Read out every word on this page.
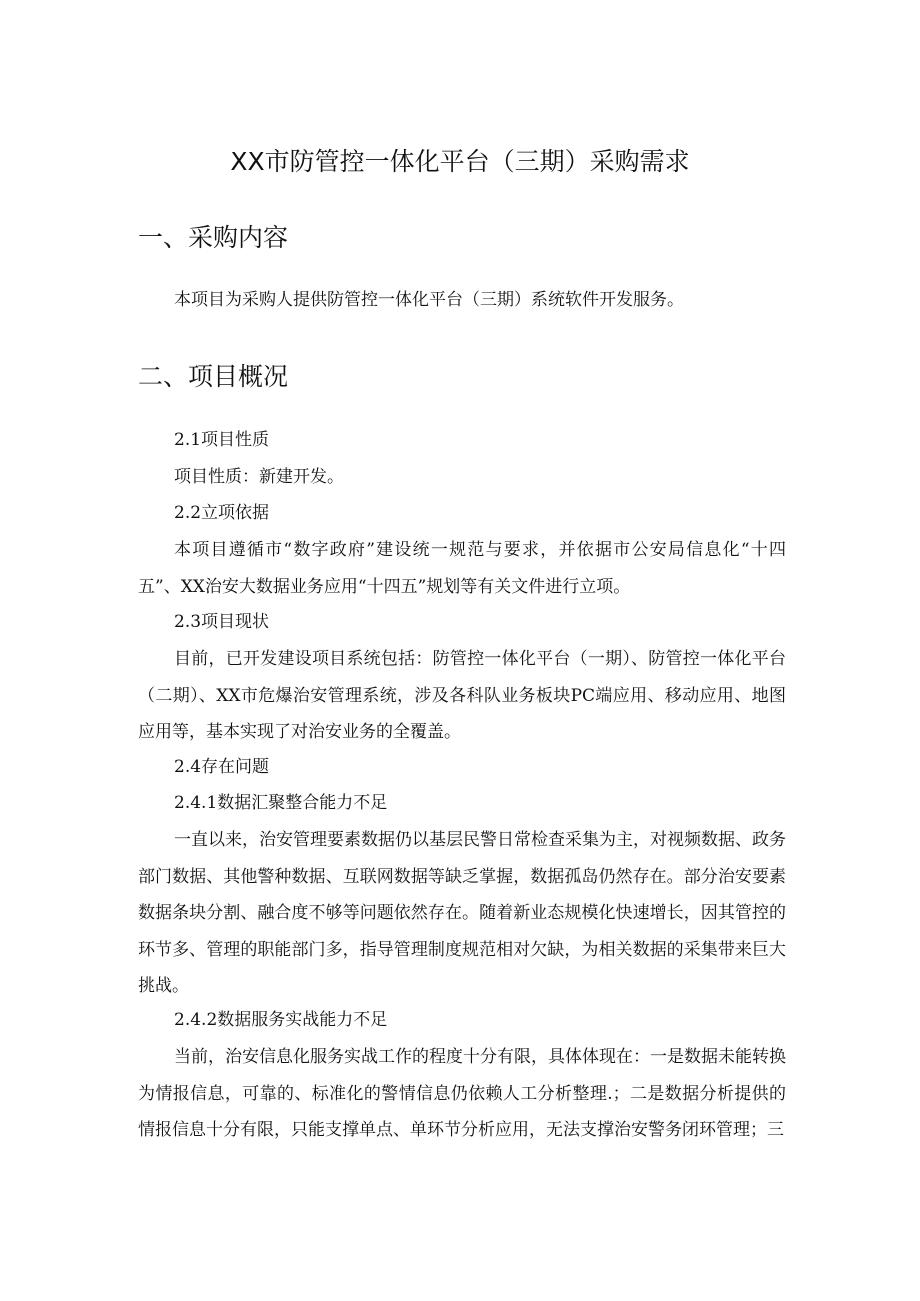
XX市防管控一体化平台（三期）采购需求
一、采购内容

本项目为采购人提供防管控一体化平台（三期）系统软件开发服务。

二、项目概况
2.1项目性质

项目性质：新建开发。

2.2立项依据

本项目遵循市“数字政府”建设统一规范与要求，并依据市公安局信息化“十四五”、XX治安大数据业务应用“十四五”规划等有关文件进行立项。

2.3项目现状

目前，已开发建设项目系统包括：防管控一体化平台（一期）、防管控一体化平台（二期）、XX市危爆治安管理系统，涉及各科队业务板块PC端应用、移动应用、地图应用等，基本实现了对治安业务的全覆盖。

2.4存在问题
2.4.1数据汇聚整合能力不足

一直以来，治安管理要素数据仍以基层民警日常检查采集为主，对视频数据、政务部门数据、其他警种数据、互联网数据等缺乏掌握，数据孤岛仍然存在。部分治安要素数据条块分割、融合度不够等问题依然存在。随着新业态规模化快速增长，因其管控的环节多、管理的职能部门多，指导管理制度规范相对欠缺，为相关数据的采集带来巨大挑战。

2.4.2数据服务实战能力不足

当前，治安信息化服务实战工作的程度十分有限，具体体现在：一是数据未能转换为情报信息，可靠的、标准化的警情信息仍依赖人工分析整理.；二是数据分析提供的情报信息十分有限，只能支撑单点、单环节分析应用，无法支撑治安警务闭环管理；三
